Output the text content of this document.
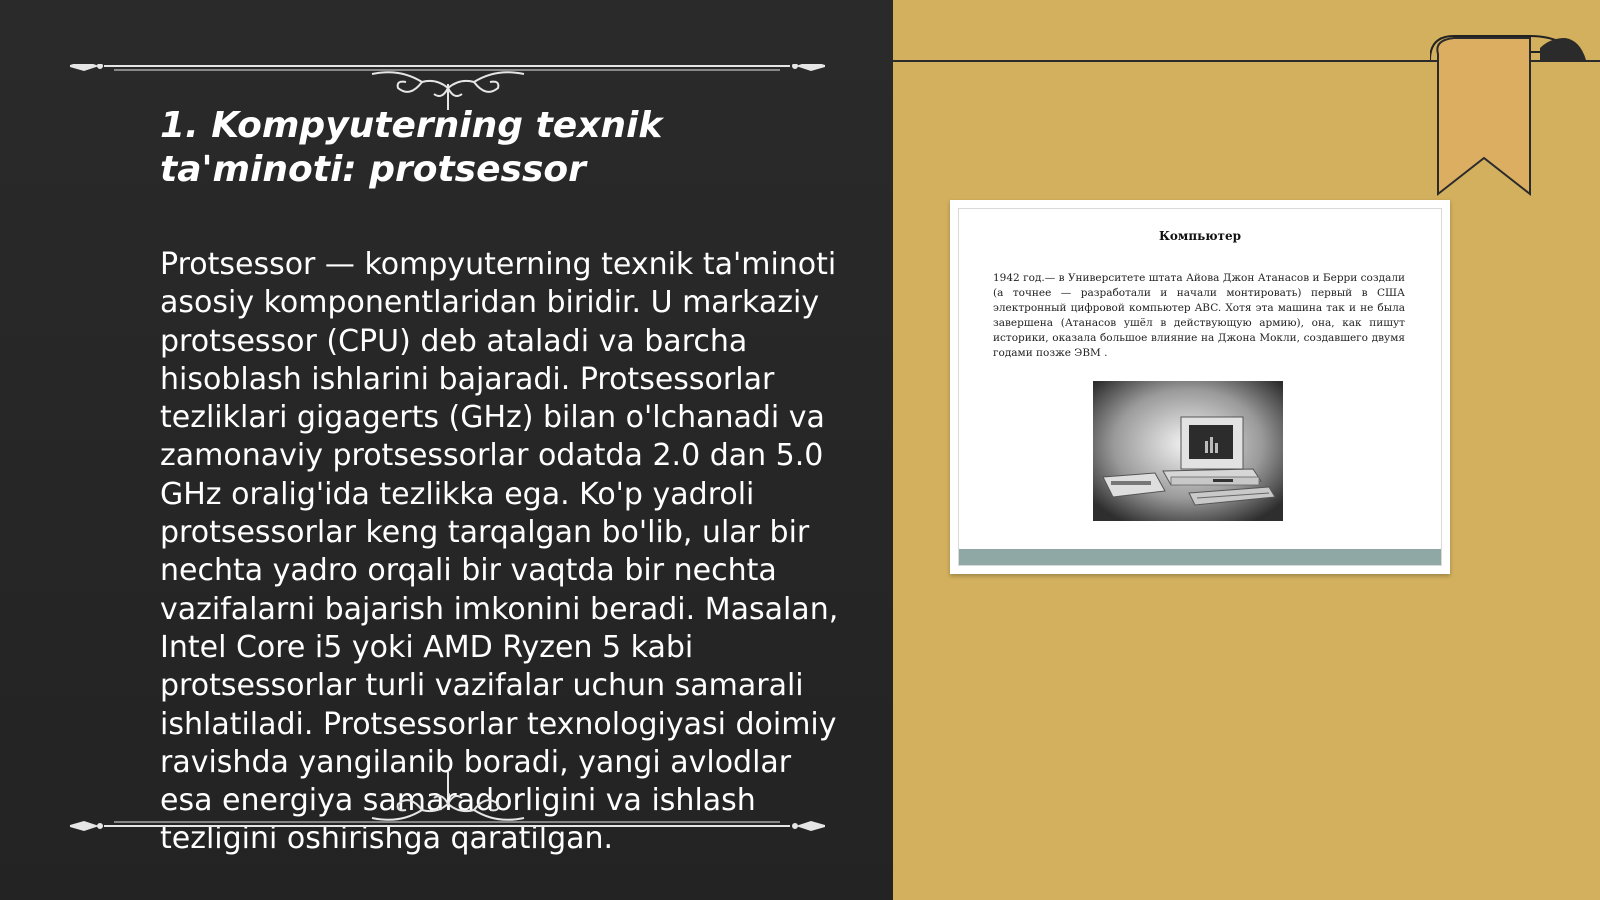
1. Kompyuterning texnik ta'minoti: protsessor

Protsessor — kompyuterning texnik ta'minoti asosiy komponentlaridan biridir. U markaziy protsessor (CPU) deb ataladi va barcha hisoblash ishlarini bajaradi. Protsessorlar tezliklari gigagerts (GHz) bilan o'lchanadi va zamonaviy protsessorlar odatda 2.0 dan 5.0 GHz oralig'ida tezlikka ega. Ko'p yadroli protsessorlar keng tarqalgan bo'lib, ular bir nechta yadro orqali bir vaqtda bir nechta vazifalarni bajarish imkonini beradi. Masalan, Intel Core i5 yoki AMD Ryzen 5 kabi protsessorlar turli vazifalar uchun samarali ishlatiladi. Protsessorlar texnologiyasi doimiy ravishda yangilanib boradi, yangi avlodlar esa energiya samaradorligini va ishlash tezligini oshirishga qaratilgan.

Компьютер

1942 год.— в Университете штата Айова Джон Атанасов и Берри создали (а точнее — разработали и начали монтировать) первый в США электронный цифровой компьютер ABC. Хотя эта машина так и не была завершена (Атанасов ушёл в действующую армию), она, как пишут историки, оказала большое влияние на Джона Мокли, создавшего двумя годами позже ЭВМ .
